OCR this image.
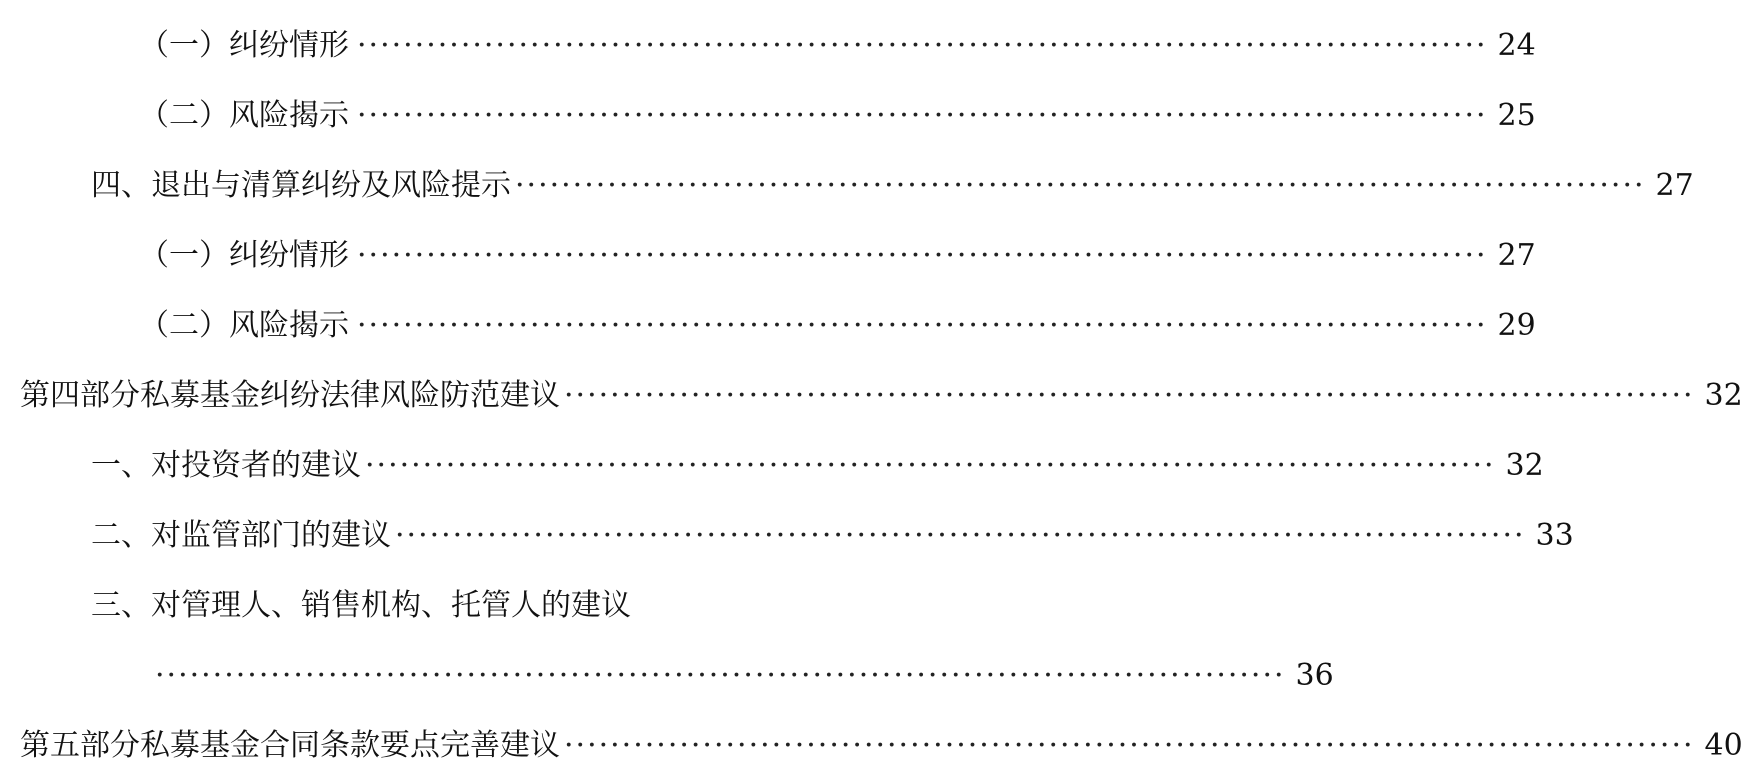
（一）纠纷情形 ·································································································· 24
（二）风险揭示 ·································································································· 25
四、退出与清算纠纷及风险提示 ·································································································· 27
（一）纠纷情形 ·································································································· 27
（二）风险揭示 ·································································································· 29
第四部分 私募基金纠纷法律风险防范建议 ·································································································· 32
一、对投资者的建议 ·································································································· 32
二、对监管部门的建议 ·································································································· 33
三、对管理人、销售机构、托管人的建议
·································································································· 36
第五部分 私募基金合同条款要点完善建议 ·································································································· 40
